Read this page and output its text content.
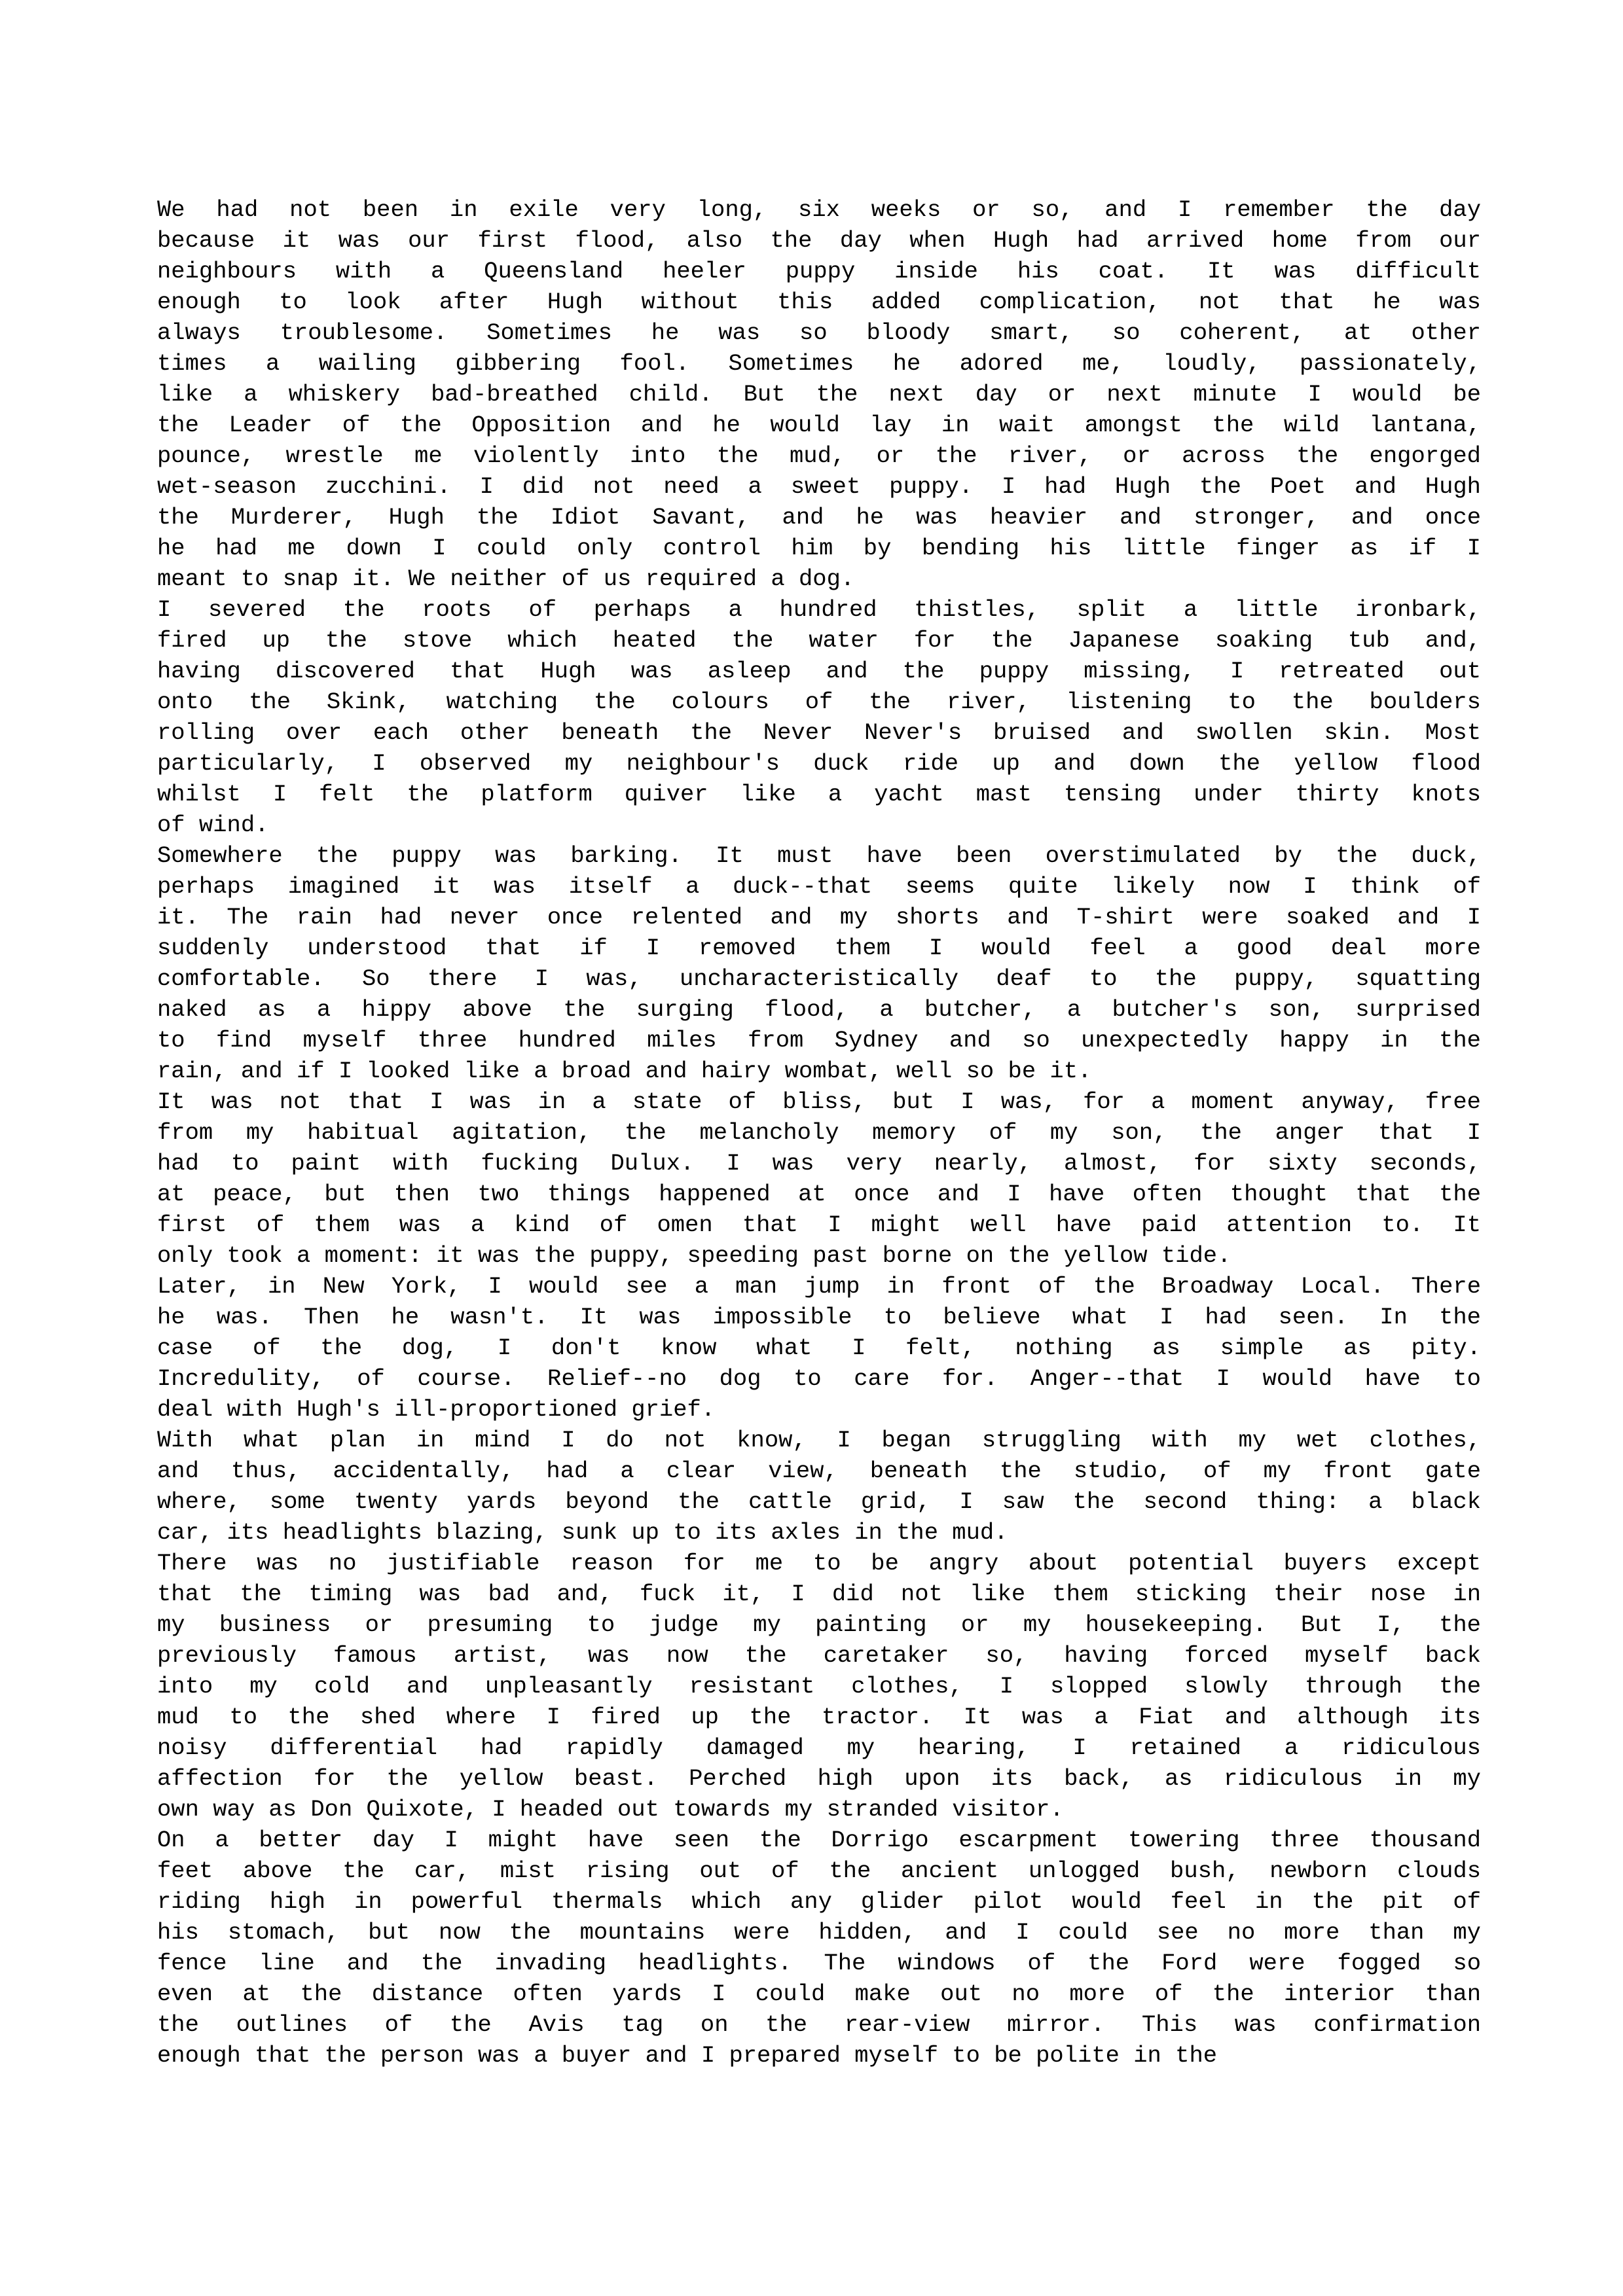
We had not been in exile very long, six weeks or so, and I remember the day
because it was our first flood, also the day when Hugh had arrived home from our
neighbours with a Queensland heeler puppy inside his coat. It was difficult
enough to look after Hugh without this added complication, not that he was
always troublesome. Sometimes he was so bloody smart, so coherent, at other
times a wailing gibbering fool. Sometimes he adored me, loudly, passionately,
like a whiskery bad-breathed child. But the next day or next minute I would be
the Leader of the Opposition and he would lay in wait amongst the wild lantana,
pounce, wrestle me violently into the mud, or the river, or across the engorged
wet-season zucchini. I did not need a sweet puppy. I had Hugh the Poet and Hugh
the Murderer, Hugh the Idiot Savant, and he was heavier and stronger, and once
he had me down I could only control him by bending his little finger as if I
meant to snap it. We neither of us required a dog.

I severed the roots of perhaps a hundred thistles, split a little ironbark,
fired up the stove which heated the water for the Japanese soaking tub and,
having discovered that Hugh was asleep and the puppy missing, I retreated out
onto the Skink, watching the colours of the river, listening to the boulders
rolling over each other beneath the Never Never's bruised and swollen skin. Most
particularly, I observed my neighbour's duck ride up and down the yellow flood
whilst I felt the platform quiver like a yacht mast tensing under thirty knots
of wind.

Somewhere the puppy was barking. It must have been overstimulated by the duck,
perhaps imagined it was itself a duck--that seems quite likely now I think of
it. The rain had never once relented and my shorts and T-shirt were soaked and I
suddenly understood that if I removed them I would feel a good deal more
comfortable. So there I was, uncharacteristically deaf to the puppy, squatting
naked as a hippy above the surging flood, a butcher, a butcher's son, surprised
to find myself three hundred miles from Sydney and so unexpectedly happy in the
rain, and if I looked like a broad and hairy wombat, well so be it.

It was not that I was in a state of bliss, but I was, for a moment anyway, free
from my habitual agitation, the melancholy memory of my son, the anger that I
had to paint with fucking Dulux. I was very nearly, almost, for sixty seconds,
at peace, but then two things happened at once and I have often thought that the
first of them was a kind of omen that I might well have paid attention to. It
only took a moment: it was the puppy, speeding past borne on the yellow tide.

Later, in New York, I would see a man jump in front of the Broadway Local. There
he was. Then he wasn't. It was impossible to believe what I had seen. In the
case of the dog, I don't know what I felt, nothing as simple as pity.
Incredulity, of course. Relief--no dog to care for. Anger--that I would have to
deal with Hugh's ill-proportioned grief.

With what plan in mind I do not know, I began struggling with my wet clothes,
and thus, accidentally, had a clear view, beneath the studio, of my front gate
where, some twenty yards beyond the cattle grid, I saw the second thing: a black
car, its headlights blazing, sunk up to its axles in the mud.

There was no justifiable reason for me to be angry about potential buyers except
that the timing was bad and, fuck it, I did not like them sticking their nose in
my business or presuming to judge my painting or my housekeeping. But I, the
previously famous artist, was now the caretaker so, having forced myself back
into my cold and unpleasantly resistant clothes, I slopped slowly through the
mud to the shed where I fired up the tractor. It was a Fiat and although its
noisy differential had rapidly damaged my hearing, I retained a ridiculous
affection for the yellow beast. Perched high upon its back, as ridiculous in my
own way as Don Quixote, I headed out towards my stranded visitor.

On a better day I might have seen the Dorrigo escarpment towering three thousand
feet above the car, mist rising out of the ancient unlogged bush, newborn clouds
riding high in powerful thermals which any glider pilot would feel in the pit of
his stomach, but now the mountains were hidden, and I could see no more than my
fence line and the invading headlights. The windows of the Ford were fogged so
even at the distance often yards I could make out no more of the interior than
the outlines of the Avis tag on the rear-view mirror. This was confirmation
enough that the person was a buyer and I prepared myself to be polite in the
